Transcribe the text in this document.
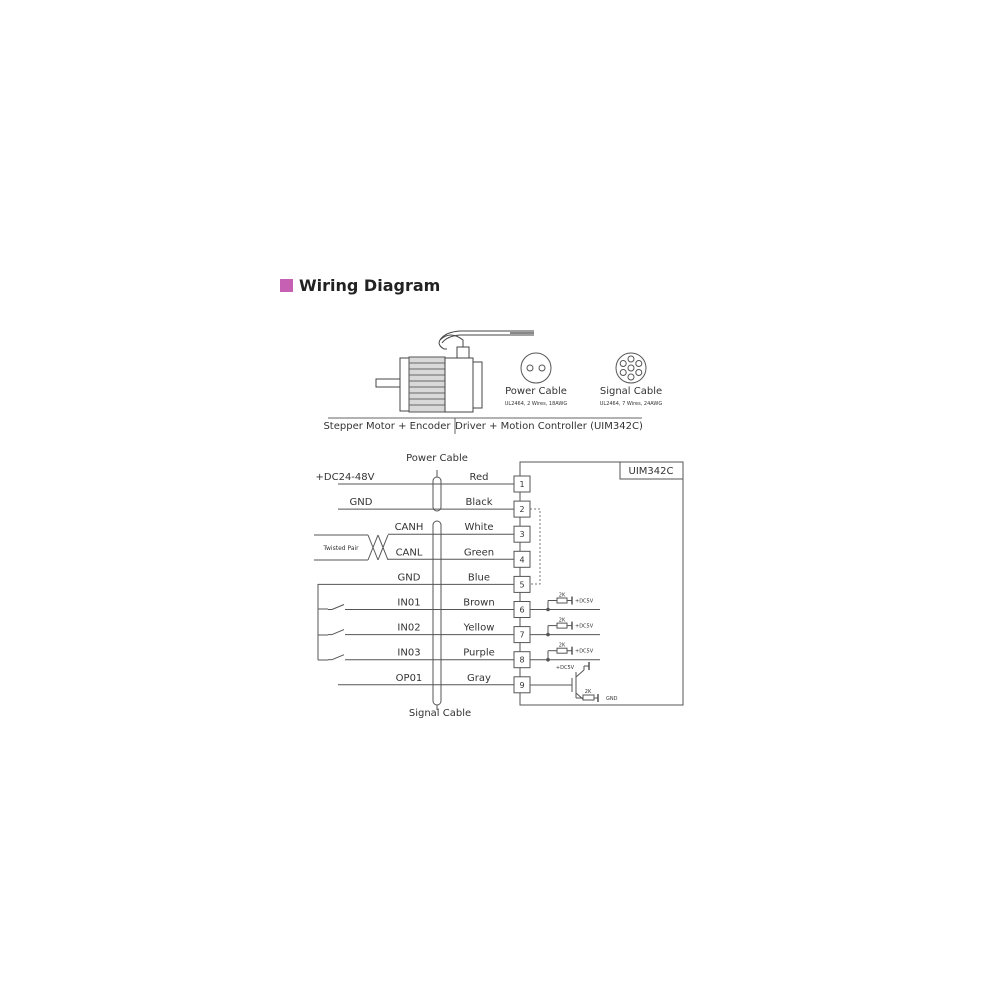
Wiring Diagram
Power Cable
UL2464, 2 Wires, 18AWG
Signal Cable
UL2464, 7 Wires, 24AWG
Stepper Motor + Encoder Driver + Motion Controller (UIM342C)
Power Cable
Signal Cable
UIM342C
Twisted Pair
1
+DC24-48V	Red
2
GND	Black
3
CANH	White
4
CANL	Green
5
GND	Blue
6
IN01	Brown
7
IN02	Yellow
8
IN03	Purple
9
OP01	Gray
2K
+DC5V
2K
+DC5V
2K
+DC5V
+DC5V
2K
GND
